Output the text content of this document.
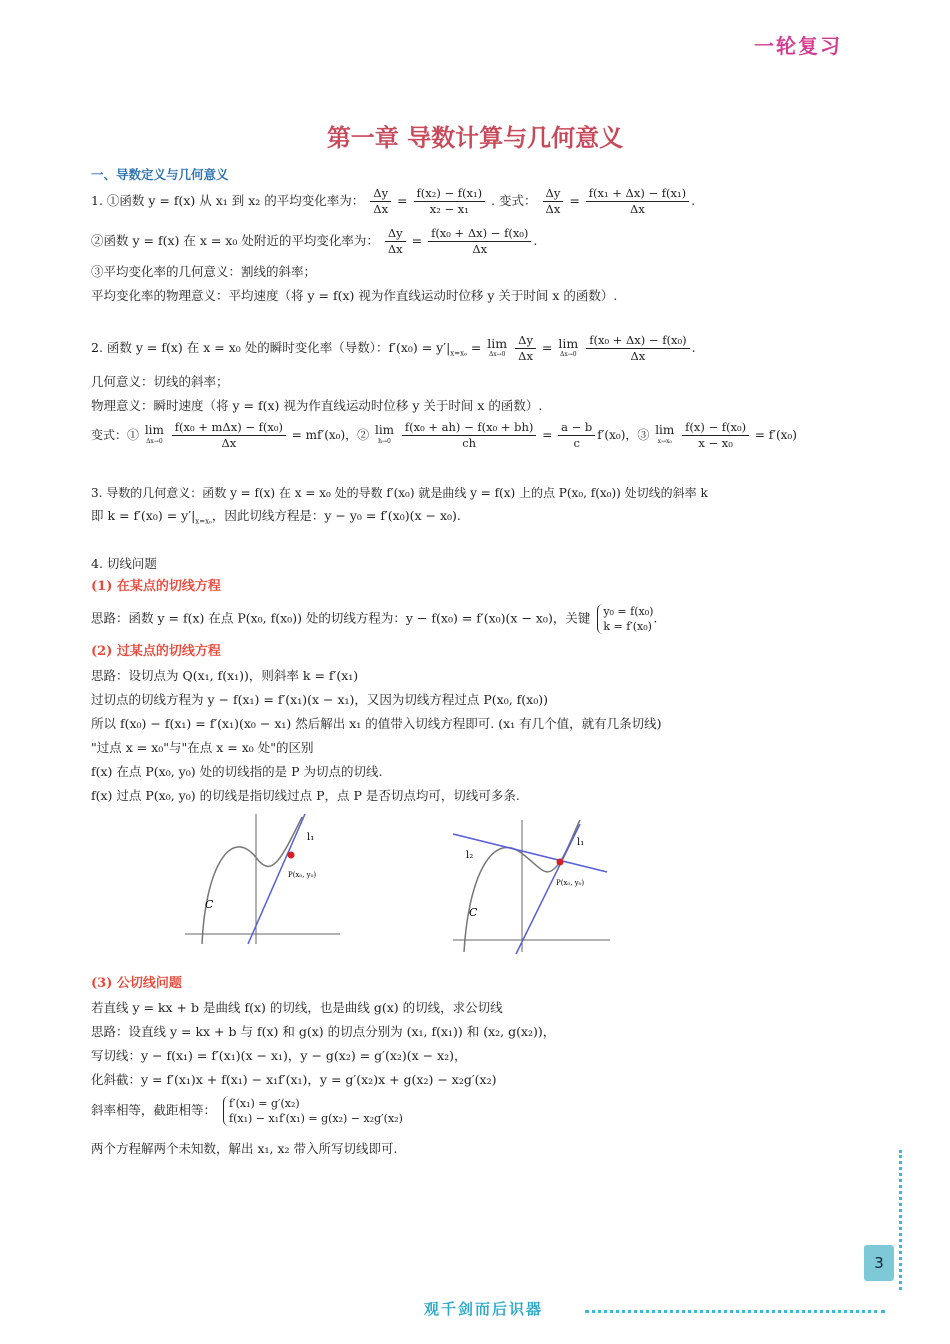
一轮复习
第一章 导数计算与几何意义
一、导数定义与几何意义
1. ①函数 y = f(x) 从 x₁ 到 x₂ 的平均变化率为： $\frac{\Delta y}{\Delta x} = \frac{\text{f(x₂) − f(x₁)}}{\text{x₂ − x₁}}$ . 变式： $\frac{\Delta y}{\Delta x} = \frac{\text{f(x₁ + Δx) − f(x₁)}}{\Delta x}$ .
②函数 y = f(x) 在 x = x₀ 处附近的平均变化率为： $\frac{\Delta y}{\Delta x} = \frac{\text{f(x₀ + Δx) − f(x₀)}}{\Delta x}$ .
③平均变化率的几何意义：割线的斜率；
平均变化率的物理意义：平均速度（将 y = f(x) 视为作直线运动时位移 y 关于时间 x 的函数）.
2. 函数 y = f(x) 在 x = x₀ 处的瞬时变化率（导数）：$f'(x_0) = y'|_{x=x_0} = \lim$
Δx→0
$\frac{\Delta y}{\Delta x} = \lim$
Δx→0
$\frac{\text{f(x₀ + Δx) − f(x₀)}}{\Delta x}$ .
几何意义：切线的斜率；
物理意义：瞬时速度（将 y = f(x) 视为作直线运动时位移 y 关于时间 x 的函数）.
变式：① lim
Δx→0
$\frac{\text{f(x₀ + mΔx) − f(x₀)}}{\Delta x} = mf'(x_0)$，② lim
h→0
$\frac{\text{f(x₀ + ah) − f(x₀ + bh)}}{ch} = \frac{a - b}{c} f'(x_0)$，③ lim
x→x₀
$\frac{\text{f(x) − f(x₀)}}{\text{x − x₀}} = f'(x_0)$
3. 导数的几何意义：函数 y = f(x) 在 x = x₀ 处的导数 f′(x₀) 就是曲线 y = f(x) 上的点 P(x₀, f(x₀)) 处切线的斜率 k
即 $k = f'(x_0) = y'|_{x=x_0}$，因此切线方程是：y − y₀ = f′(x₀)(x − x₀).
4. 切线问题
(1) 在某点的切线方程
思路：函数 y = f(x) 在点 P(x₀, f(x₀)) 处的切线方程为：y − f(x₀) = f′(x₀)(x − x₀)，关键 y₀ = f(x₀)
k = f′(x₀)
.
(2) 过某点的切线方程
思路：设切点为 Q(x₁, f(x₁))，则斜率 k = f′(x₁)
过切点的切线方程为 y − f(x₁) = f′(x₁)(x − x₁)，又因为切线方程过点 P(x₀, f(x₀))
所以 f(x₀) − f(x₁) = f′(x₁)(x₀ − x₁) 然后解出 x₁ 的值带入切线方程即可. (x₁ 有几个值，就有几条切线)
"过点 x = x₀"与"在点 x = x₀ 处"的区别
f(x) 在点 P(x₀, y₀) 处的切线指的是 P 为切点的切线.
f(x) 过点 P(x₀, y₀) 的切线是指切线过点 P，点 P 是否切点均可，切线可多条.
l₁
P(x₀, y₀)
C
l₁
l₂
P(x₀, y₀)
C
(3) 公切线问题
若直线 y = kx + b 是曲线 f(x) 的切线，也是曲线 g(x) 的切线，求公切线
思路：设直线 y = kx + b 与 f(x) 和 g(x) 的切点分别为 (x₁, f(x₁)) 和 (x₂, g(x₂))，
写切线：y − f(x₁) = f′(x₁)(x − x₁)，y − g(x₂) = g′(x₂)(x − x₂)，
化斜截：y = f′(x₁)x + f(x₁) − x₁f′(x₁)，y = g′(x₂)x + g(x₂) − x₂g′(x₂)
斜率相等，截距相等： f′(x₁) = g′(x₂)
f(x₁) − x₁f′(x₁) = g(x₂) − x₂g′(x₂)
两个方程解两个未知数，解出 x₁, x₂ 带入所写切线即可.
3
观千剑而后识器
